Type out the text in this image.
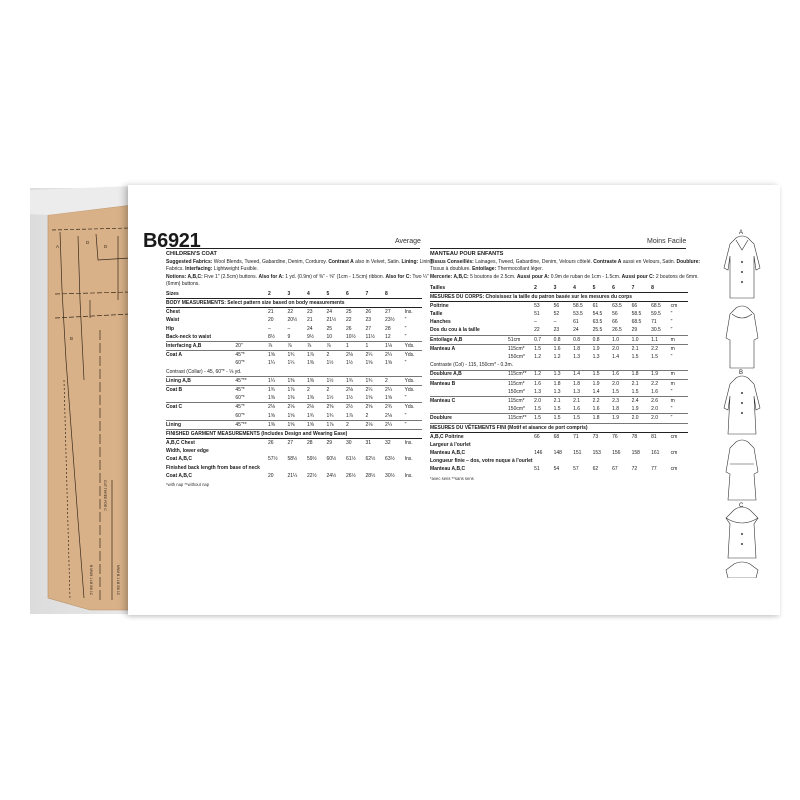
A
D
D
B
CUT THREE FOR C
B MNM 1 LB 5/8 1C	MNM B 1 LB 5/8 1C
B6921	Average	Moins Facile
CHILDREN'S COAT
Suggested Fabrics: Wool Blends, Tweed, Gabardine, Denim, Corduroy. Contrast A also in Velvet, Satin. Lining: Lining Fabrics. Interfacing: Lightweight Fusible.
Notions: A,B,C: Five 1" (2.5cm) buttons. Also for A: 1 yd. (0.9m) of ⅜" - ⅝" (1cm - 1.5cm) ribbon. Also for C: Two ¼" (6mm) buttons.
Sizes		2	3	4	5	6	7	8	
BODY MEASUREMENTS: Select pattern size based on body measurements									
Chest		21	22	23	24	25	26	27	Ins.
Waist		20	20½	21	21½	22	23	23½	"
Hip		–	–	24	25	26	27	28	"
Back-neck to waist		8½	9	9½	10	10½	11½	12	"
Interfacing A,B	20"	⅞	⅞	⅞	⅞	1	1	1⅛	Yds.
Coat A	45"*	1⅝	1¾	1⅞	2	2⅛	2¼	2¼	Yds.
	60"*	1¼	1¼	1⅜	1½	1½	1⅝	1⅝	"
Contrast (Collar) - 45, 60"* - ⅛ yd.									
Lining A,B	45"**	1¼	1⅜	1⅜	1½	1¾	1¾	2	Yds.
Coat B	45"*	1¾	1⅞	2	2	2⅛	2¼	2¼	Yds.
	60"*	1⅜	1⅜	1⅜	1½	1½	1⅝	1⅝	"
Coat C	45"*	2⅛	2⅛	2⅛	2⅜	2½	2⅝	2¾	Yds.
	60"*	1⅝	1⅝	1¾	1¾	1⅞	2	2⅛	"
Lining	45"**	1⅜	1⅝	1⅝	1⅞	2	2⅛	2¼	"
FINISHED GARMENT MEASUREMENTS (Includes Design and Wearing Ease)									
A,B,C Chest		26	27	28	29	30	31	32	Ins.
Width, lower edge									
Coat A,B,C		57½	58½	59½	60½	61½	62½	63½	Ins.
Finished back length from base of neck									
Coat A,B,C		20	21¼	22½	24½	26½	28½	30½	Ins.
*with nap **without nap
MANTEAU POUR ENFANTS
Tissus Conseillés: Lainages, Tweed, Gabardine, Denim, Velours côtelé. Contraste A aussi en Velours, Satin. Doublure: Tissus à doublure. Entoilage: Thermocollant léger.
Mercerie: A,B,C: 5 boutons de 2.5cm. Aussi pour A: 0.9m de ruban de 1cm - 1.5cm. Aussi pour C: 2 boutons de 6mm.
Tailles		2	3	4	5	6	7	8	
MESURES DU CORPS: Choisissez la taille du patron basée sur les mesures du corps									
Poitrine		53	56	58.5	61	63.5	66	68.5	cm
Taille		51	52	53.5	54.5	56	58.5	59.5	"
Hanches		–	–	61	63.5	66	68.5	71	"
Dos du cou à la taille		22	23	24	25.5	26.5	29	30.5	"
Entoilage A,B	51cm	0.7	0.8	0.8	0.8	1.0	1.0	1.1	m
Manteau A	115cm*	1.5	1.6	1.8	1.9	2.0	2.1	2.2	m
	150cm*	1.2	1.2	1.3	1.3	1.4	1.5	1.5	"
Contraste (Col) - 115, 150cm* - 0.3m.									
Doublure A,B	115cm**	1.2	1.3	1.4	1.5	1.6	1.8	1.9	m
Manteau B	115cm*	1.6	1.8	1.8	1.9	2.0	2.1	2.2	m
	150cm*	1.3	1.3	1.3	1.4	1.5	1.5	1.6	"
Manteau C	115cm*	2.0	2.1	2.1	2.2	2.3	2.4	2.6	m
	150cm*	1.5	1.5	1.6	1.6	1.8	1.9	2.0	"
Doublure	115cm**	1.5	1.5	1.5	1.8	1.9	2.0	2.0	"
MESURES DU VÊTEMENTS FINI (Motif et aisance de port compris)									
A,B,C Poitrine		66	68	71	73	76	78	81	cm
Largeur à l'ourlet									
Manteau A,B,C		146	148	151	153	156	158	161	cm
Longueur finie – dos, votre nuque à l'ourlet									
Manteau A,B,C		51	54	57	62	67	72	77	cm
*avec sens **sans sens
A
B
C
